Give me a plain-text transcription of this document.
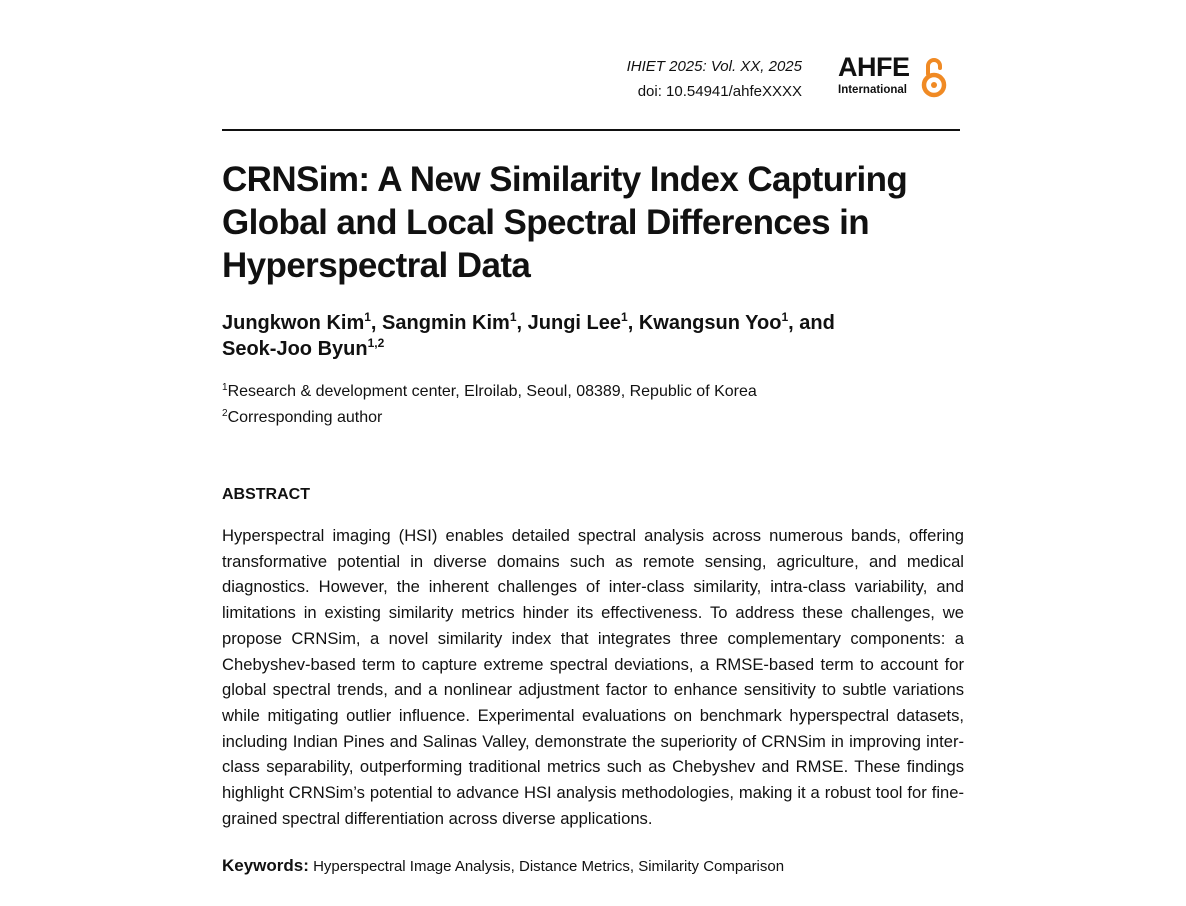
IHIET 2025: Vol. XX, 2025
doi: 10.54941/ahfeXXXX
AHFE
International
CRNSim: A New Similarity Index Capturing Global and Local Spectral Differences in Hyperspectral Data
Jungkwon Kim$^1$, Sangmin Kim$^1$, Jungi Lee$^1$, Kwangsun Yoo$^1$, and
Seok-Joo Byun$^{1,2}$
$^1$Research & development center, Elroilab, Seoul, 08389, Republic of Korea
$^2$Corresponding author
ABSTRACT

Hyperspectral imaging (HSI) enables detailed spectral analysis across numerous bands, offering transformative potential in diverse domains such as remote sensing, agriculture, and medical diagnostics. However, the inherent challenges of inter-class similarity, intra-class variability, and limitations in existing similarity metrics hinder its effectiveness. To address these challenges, we propose CRNSim, a novel similarity index that integrates three complementary components: a Chebyshev-based term to capture extreme spectral deviations, a RMSE-based term to account for global spectral trends, and a nonlinear adjustment factor to enhance sensitivity to subtle variations while mitigating outlier influence. Experimental evaluations on benchmark hyperspectral datasets, including Indian Pines and Salinas Valley, demonstrate the superiority of CRNSim in improving inter-class separability, outperforming traditional metrics such as Chebyshev and RMSE. These findings highlight CRNSim’s potential to advance HSI analysis methodologies, making it a robust tool for fine-grained spectral differentiation across diverse applications.

Keywords: Hyperspectral Image Analysis, Distance Metrics, Similarity Comparison
